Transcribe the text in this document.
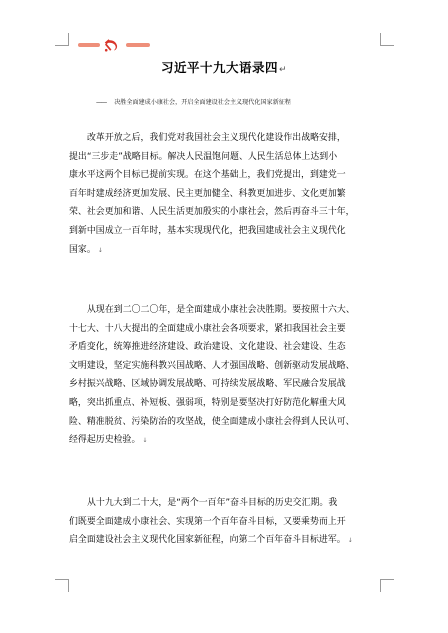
习近平十九大语录四↵
—— 决胜全面建成小康社会，开启全面建设社会主义现代化国家新征程
改革开放之后，我们党对我国社会主义现代化建设作出战略安排，
提出“三步走”战略目标。解决人民温饱问题、人民生活总体上达到小
康水平这两个目标已提前实现。在这个基础上，我们党提出，到建党一
百年时建成经济更加发展、民主更加健全、科教更加进步、文化更加繁
荣、社会更加和谐、人民生活更加殷实的小康社会，然后再奋斗三十年，
到新中国成立一百年时，基本实现现代化，把我国建成社会主义现代化
国家。 ↓
从现在到二〇二〇年，是全面建成小康社会决胜期。要按照十六大、
十七大、十八大提出的全面建成小康社会各项要求，紧扣我国社会主要
矛盾变化，统筹推进经济建设、政治建设、文化建设、社会建设、生态
文明建设，坚定实施科教兴国战略、人才强国战略、创新驱动发展战略、
乡村振兴战略、区域协调发展战略、可持续发展战略、军民融合发展战
略，突出抓重点、补短板、强弱项，特别是要坚决打好防范化解重大风
险、精准脱贫、污染防治的攻坚战，使全面建成小康社会得到人民认可、
经得起历史检验。 ↓
从十九大到二十大，是“两个一百年”奋斗目标的历史交汇期。我
们既要全面建成小康社会、实现第一个百年奋斗目标，又要乘势而上开
启全面建设社会主义现代化国家新征程，向第二个百年奋斗目标进军。 ↓
